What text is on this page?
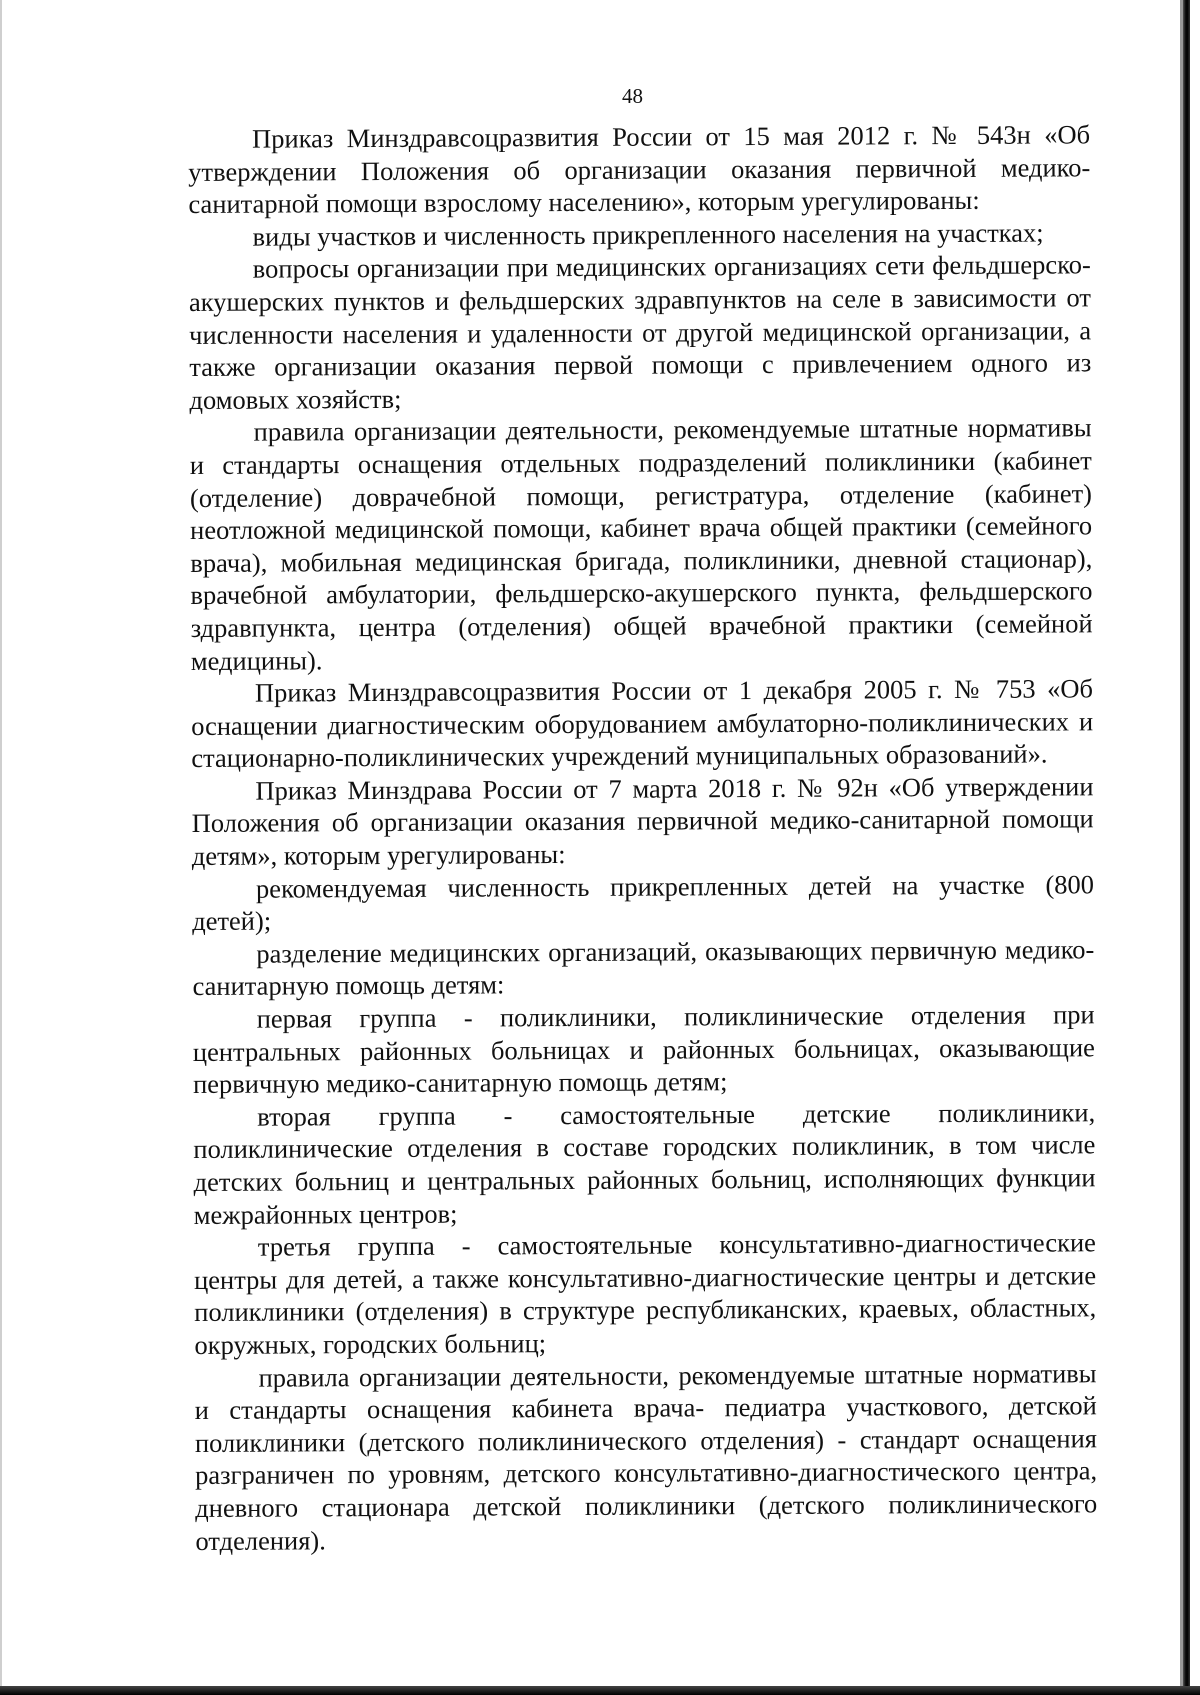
48

Приказ Минздравсоцразвития России от 15 мая 2012 г. № 543н «Об утверждении Положения об организации оказания первичной медико-санитарной помощи взрослому населению», которым урегулированы:

виды участков и численность прикрепленного населения на участках;

вопросы организации при медицинских организациях сети фельдшерско-акушерских пунктов и фельдшерских здравпунктов на селе в зависимости от численности населения и удаленности от другой медицинской организации, а также организации оказания первой помощи с привлечением одного из домовых хозяйств;

правила организации деятельности, рекомендуемые штатные нормативы и стандарты оснащения отдельных подразделений поликлиники (кабинет (отделение) доврачебной помощи, регистратура, отделение (кабинет) неотложной медицинской помощи, кабинет врача общей практики (семейного врача), мобильная медицинская бригада, поликлиники, дневной стационар), врачебной амбулатории, фельдшерско-акушерского пункта, фельдшерского здравпункта, центра (отделения) общей врачебной практики (семейной медицины).

Приказ Минздравсоцразвития России от 1 декабря 2005 г. № 753 «Об оснащении диагностическим оборудованием амбулаторно-поликлинических и стационарно-поликлинических учреждений муниципальных образований».

Приказ Минздрава России от 7 марта 2018 г. № 92н «Об утверждении Положения об организации оказания первичной медико-санитарной помощи детям», которым урегулированы:

рекомендуемая численность прикрепленных детей на участке (800 детей);

разделение медицинских организаций, оказывающих первичную медико-санитарную помощь детям:

первая группа - поликлиники, поликлинические отделения при центральных районных больницах и районных больницах, оказывающие первичную медико-санитарную помощь детям;

вторая группа - самостоятельные детские поликлиники, поликлинические отделения в составе городских поликлиник, в том числе детских больниц и центральных районных больниц, исполняющих функции межрайонных центров;

третья группа - самостоятельные консультативно-диагностические центры для детей, а также консультативно-диагностические центры и детские поликлиники (отделения) в структуре республиканских, краевых, областных, окружных, городских больниц;

правила организации деятельности, рекомендуемые штатные нормативы и стандарты оснащения кабинета врача- педиатра участкового, детской поликлиники (детского поликлинического отделения) - стандарт оснащения разграничен по уровням, детского консультативно-диагностического центра, дневного стационара детской поликлиники (детского поликлинического отделения).
